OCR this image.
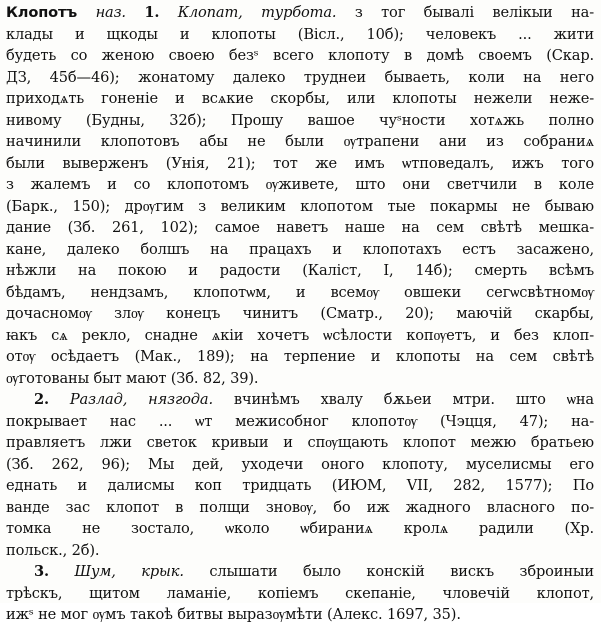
Клопотъ наз. 1. Клопат, турбота. з тог бывалі велікыи на-
клады и щкоды и клопоты (Вісл., 10б); человекъ ... жити
будеть со женою своею безˢ всего клопоту в домѣ своемъ (Скар.
ДЗ, 45б—46); жонатому далеко труднеи бываеть, коли на него
приходѧть гоненіе и всѧкие скорбы, или клопоты нежели неже-
нивому (Будны, 32б); Прошу вашое чуˢности хотѧжь полно
начинили клопотовъ абы не были ѹтрапени ани из собраниѧ
были выверженъ (Унія, 21); тот же имъ ѡтповедалъ, ижъ того
з жалемъ и со клопотомъ ѹживете, што они светчили в коле
(Барк., 150); дрѹгим з великим клопотом тые покармы не бываю
дание (Зб. 261, 102); самое наветъ наше на сем свѣтѣ мешка-
кане, далеко болшъ на працахъ и клопотахъ естъ засажено,
нѣжли на покою и радости (Каліст, І, 14б); смерть всѣмъ
бѣдамъ, нендзамъ, клопотѡм, и всемѹ овшеки сегѡсвѣтномѹ
дочасномѹ злѹ конецъ чинитъ (Сматр., 20); маючій скарбы,
ꙗкъ сѧ рекло, снадне ѧкіи хочетъ ѡсѣлости копѹетъ, и без клоп-
отѹ осѣдаетъ (Мак., 189); на терпение и клопоты на сем свѣтѣ
ѹготованы быт мают (Зб. 82, 39).
2. Разлад, нязгода. вчинѣмъ хвалу бѫьеи мтри. што ѡна
покрывает нас ... ѡт межисобног клопотѹ (Чэцця, 47); на-
правляетъ лжи светок кривыи и спѹщають клопот межю братьею
(Зб. 262, 96); Мы дей, уходечи оного клопоту, муселисмы его
еднать и далисмы коп тридцать (ИЮМ, VII, 282, 1577); По
ванде зас клопот в полщи зновѹ, бо иж жадного власного по-
томка не зостало, ѡколо ѡбираниѧ кролѧ радили (Хр.
польск., 2б).
3. Шум, крык. слышати было конскій вискъ зброиныи
трѣскъ, щитом ламаніе, копіемъ скепаніе, чловечій клопот,
ижˢ не мог ѹмъ такоѣ битвы выразѹмѣти (Алекс. 1697, 35).
